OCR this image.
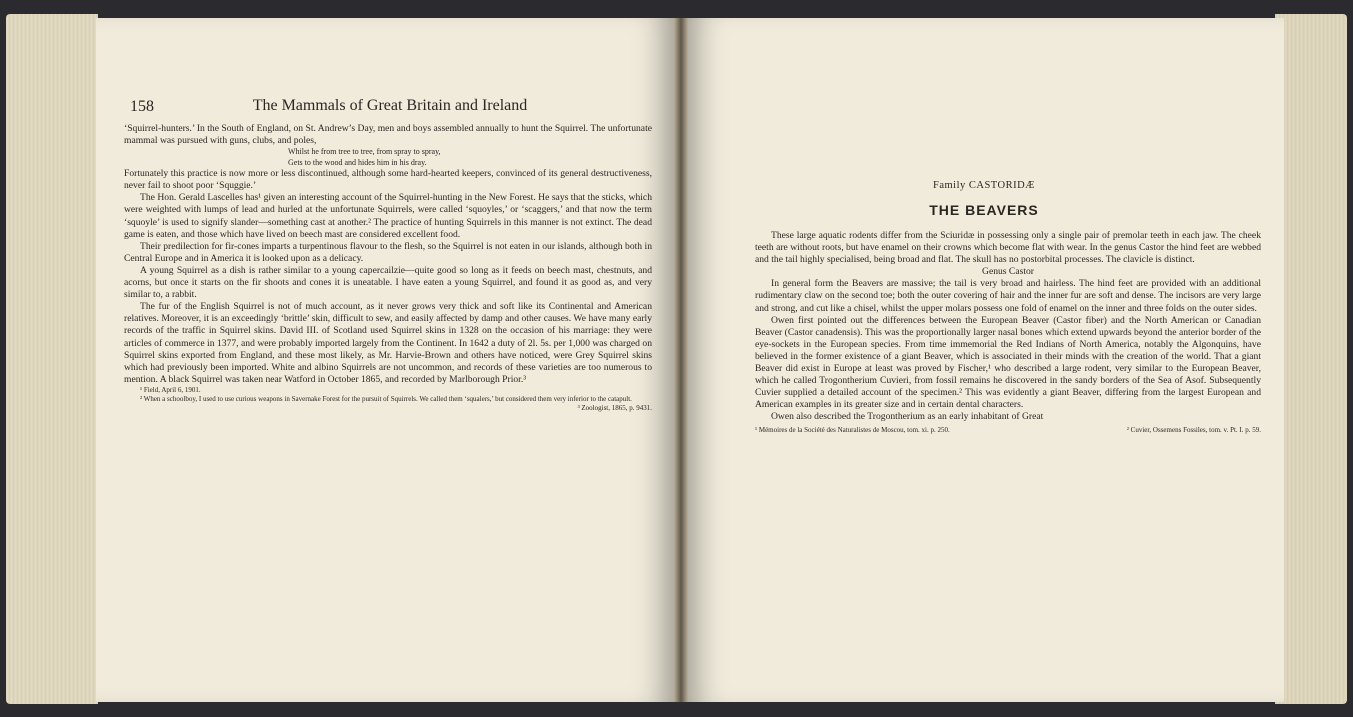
158	The Mammals of Great Britain and Ireland

‘Squirrel-hunters.’ In the South of England, on St. Andrew’s Day, men and boys assembled annually to hunt the Squirrel. The unfortunate mammal was pursued with guns, clubs, and poles,

Whilst he from tree to tree, from spray to spray,

Gets to the wood and hides him in his dray.

Fortunately this practice is now more or less discontinued, although some hard-hearted keepers, convinced of its general destructiveness, never fail to shoot poor ‘Squggie.’

The Hon. Gerald Lascelles has¹ given an interesting account of the Squirrel-hunting in the New Forest. He says that the sticks, which were weighted with lumps of lead and hurled at the unfortunate Squirrels, were called ‘squoyles,’ or ‘scaggers,’ and that now the term ‘squoyle’ is used to signify slander—something cast at another.² The practice of hunting Squirrels in this manner is not extinct. The dead game is eaten, and those which have lived on beech mast are considered excellent food.

Their predilection for fir-cones imparts a turpentinous flavour to the flesh, so the Squirrel is not eaten in our islands, although both in Central Europe and in America it is looked upon as a delicacy.

A young Squirrel as a dish is rather similar to a young capercailzie—quite good so long as it feeds on beech mast, chestnuts, and acorns, but once it starts on the fir shoots and cones it is uneatable. I have eaten a young Squirrel, and found it as good as, and very similar to, a rabbit.

The fur of the English Squirrel is not of much account, as it never grows very thick and soft like its Continental and American relatives. Moreover, it is an exceedingly ‘brittle’ skin, difficult to sew, and easily affected by damp and other causes. We have many early records of the traffic in Squirrel skins. David III. of Scotland used Squirrel skins in 1328 on the occasion of his marriage: they were articles of commerce in 1377, and were probably imported largely from the Continent. In 1642 a duty of 2l. 5s. per 1,000 was charged on Squirrel skins exported from England, and these most likely, as Mr. Harvie-Brown and others have noticed, were Grey Squirrel skins which had previously been imported. White and albino Squirrels are not uncommon, and records of these varieties are too numerous to mention. A black Squirrel was taken near Watford in October 1865, and recorded by Marlborough Prior.³

¹ Field, April 6, 1901.

² When a schoolboy, I used to use curious weapons in Savernake Forest for the pursuit of Squirrels. We called them ‘squalers,’ but considered them very inferior to the catapult.

³ Zoologist, 1865, p. 9431.

Family CASTORIDÆ
THE BEAVERS

These large aquatic rodents differ from the Sciuridæ in possessing only a single pair of premolar teeth in each jaw. The cheek teeth are without roots, but have enamel on their crowns which become flat with wear. In the genus Castor the hind feet are webbed and the tail highly specialised, being broad and flat. The skull has no postorbital processes. The clavicle is distinct.

Genus Castor

In general form the Beavers are massive; the tail is very broad and hairless. The hind feet are provided with an additional rudimentary claw on the second toe; both the outer covering of hair and the inner fur are soft and dense. The incisors are very large and strong, and cut like a chisel, whilst the upper molars possess one fold of enamel on the inner and three folds on the outer sides.

Owen first pointed out the differences between the European Beaver (Castor fiber) and the North American or Canadian Beaver (Castor canadensis). This was the proportionally larger nasal bones which extend upwards beyond the anterior border of the eye-sockets in the European species. From time immemorial the Red Indians of North America, notably the Algonquins, have believed in the former existence of a giant Beaver, which is associated in their minds with the creation of the world. That a giant Beaver did exist in Europe at least was proved by Fischer,¹ who described a large rodent, very similar to the European Beaver, which he called Trogontherium Cuvieri, from fossil remains he discovered in the sandy borders of the Sea of Asof. Subsequently Cuvier supplied a detailed account of the specimen.² This was evidently a giant Beaver, differing from the largest European and American examples in its greater size and in certain dental characters.

Owen also described the Trogontherium as an early inhabitant of Great

¹ Mémoires de la Société des Naturalistes de Moscou, tom. xi. p. 250.	² Cuvier, Ossemens Fossiles, tom. v. Pt. I. p. 59.
